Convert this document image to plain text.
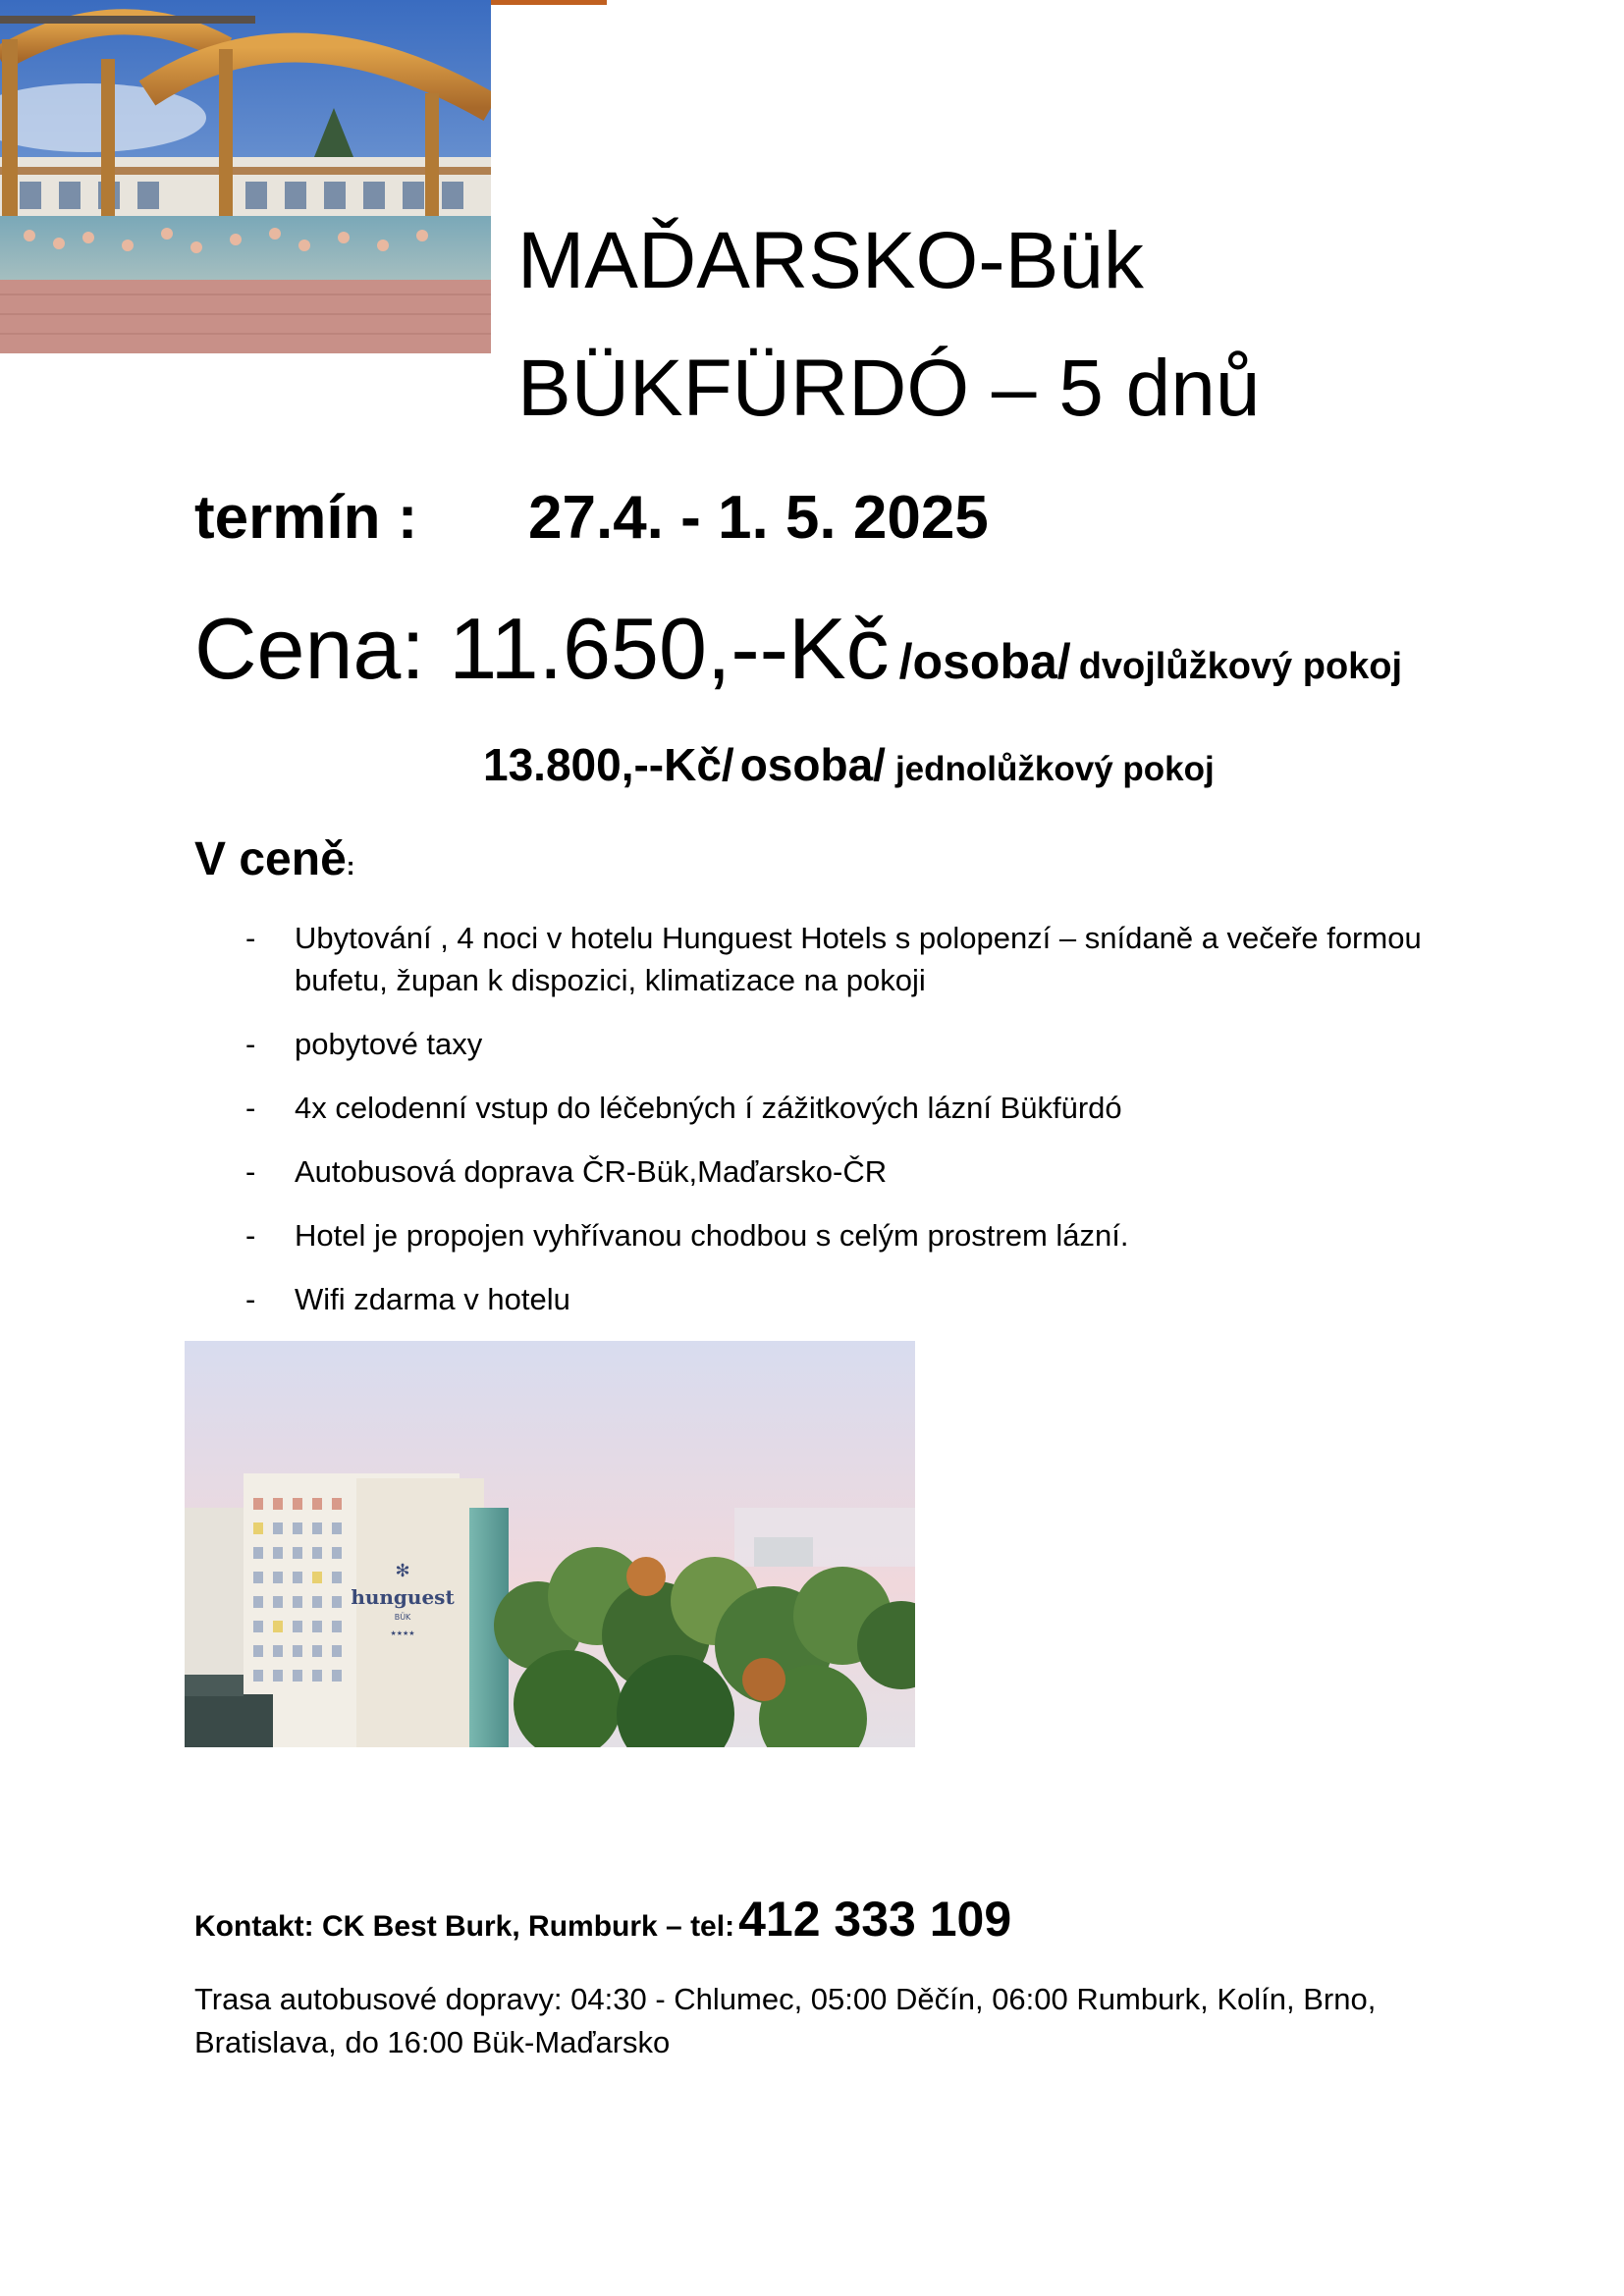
MAĎARSKO-Bük
BÜKFÜRDÓ – 5 dnů
termín : 27.4. - 1. 5. 2025
Cena: 11.650,--Kč /osoba/ dvojlůžkový pokoj
13.800,--Kč/ osoba/ jednolůžkový pokoj
V ceně:
- Ubytování , 4 noci v hotelu Hunguest Hotels s polopenzí – snídaně a večeře formou bufetu, župan k dispozici, klimatizace na pokoji
- pobytové taxy
- 4x celodenní vstup do léčebných í zážitkových lázní Bükfürdó
- Autobusová doprava ČR-Bük,Maďarsko-ČR
- Hotel je propojen vyhřívanou chodbou s celým prostrem lázní.
- Wifi zdarma v hotelu
✻
hunguest
BÜK
★★★★
Kontakt: CK Best Burk, Rumburk – tel:412 333 109
Trasa autobusové dopravy: 04:30 - Chlumec, 05:00 Děčín, 06:00 Rumburk, Kolín, Brno, Bratislava, do 16:00 Bük-Maďarsko
